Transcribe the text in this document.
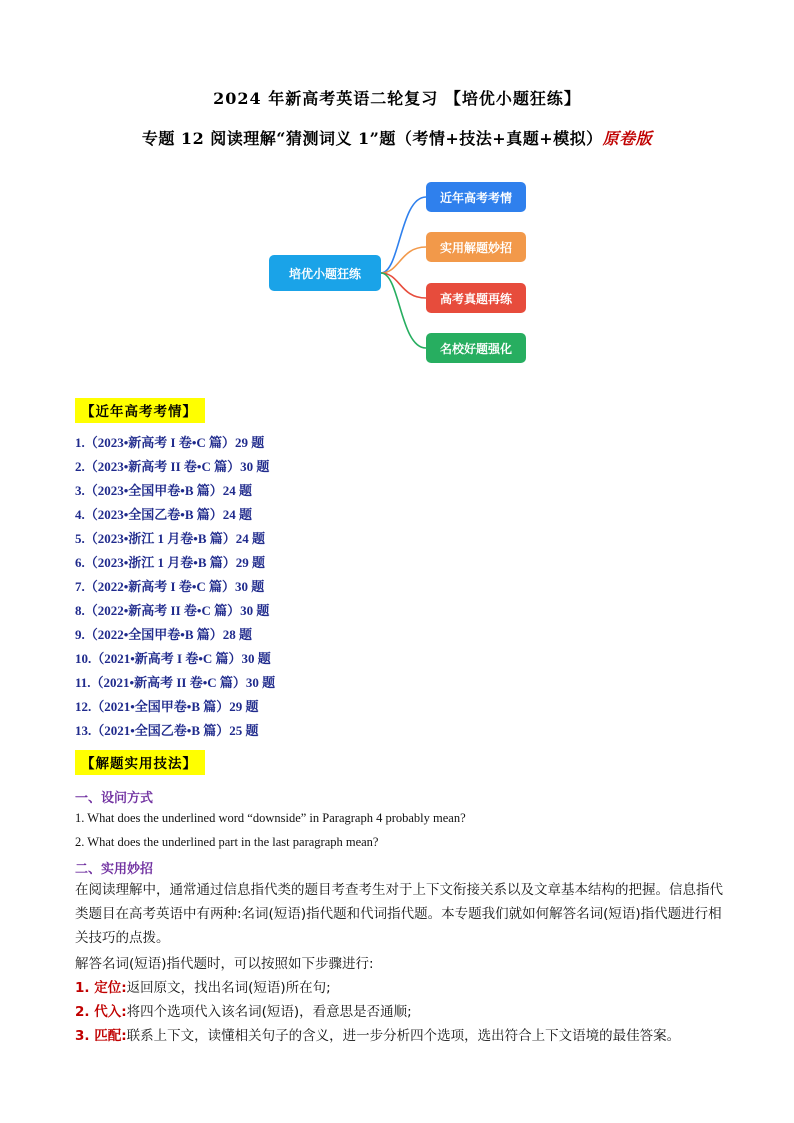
2024 年新高考英语二轮复习 【培优小题狂练】
专题 12 阅读理解“猜测词义 1”题（考情+技法+真题+模拟）原卷版
培优小题狂练
近年高考考情
实用解题妙招
高考真题再练
名校好题强化
【近年高考考情】
1.（2023•新高考 I 卷•C 篇）29 题
2.（2023•新高考 II 卷•C 篇）30 题
3.（2023•全国甲卷•B 篇）24 题
4.（2023•全国乙卷•B 篇）24 题
5.（2023•浙江 1 月卷•B 篇）24 题
6.（2023•浙江 1 月卷•B 篇）29 题
7.（2022•新高考 I 卷•C 篇）30 题
8.（2022•新高考 II 卷•C 篇）30 题
9.（2022•全国甲卷•B 篇）28 题
10.（2021•新高考 I 卷•C 篇）30 题
11.（2021•新高考 II 卷•C 篇）30 题
12.（2021•全国甲卷•B 篇）29 题
13.（2021•全国乙卷•B 篇）25 题
【解题实用技法】
一、设问方式
1. What does the underlined word “downside” in Paragraph 4 probably mean?
2. What does the underlined part in the last paragraph mean?
二、实用妙招
在阅读理解中，通常通过信息指代类的题目考查考生对于上下文衔接关系以及文章基本结构的把握。信息指代类题目在高考英语中有两种:名词(短语)指代题和代词指代题。本专题我们就如何解答名词(短语)指代题进行相关技巧的点拨。
解答名词(短语)指代题时，可以按照如下步骤进行:
1. 定位:返回原文，找出名词(短语)所在句;
2. 代入:将四个选项代入该名词(短语)，看意思是否通顺;
3. 匹配:联系上下文，读懂相关句子的含义，进一步分析四个选项，选出符合上下文语境的最佳答案。
